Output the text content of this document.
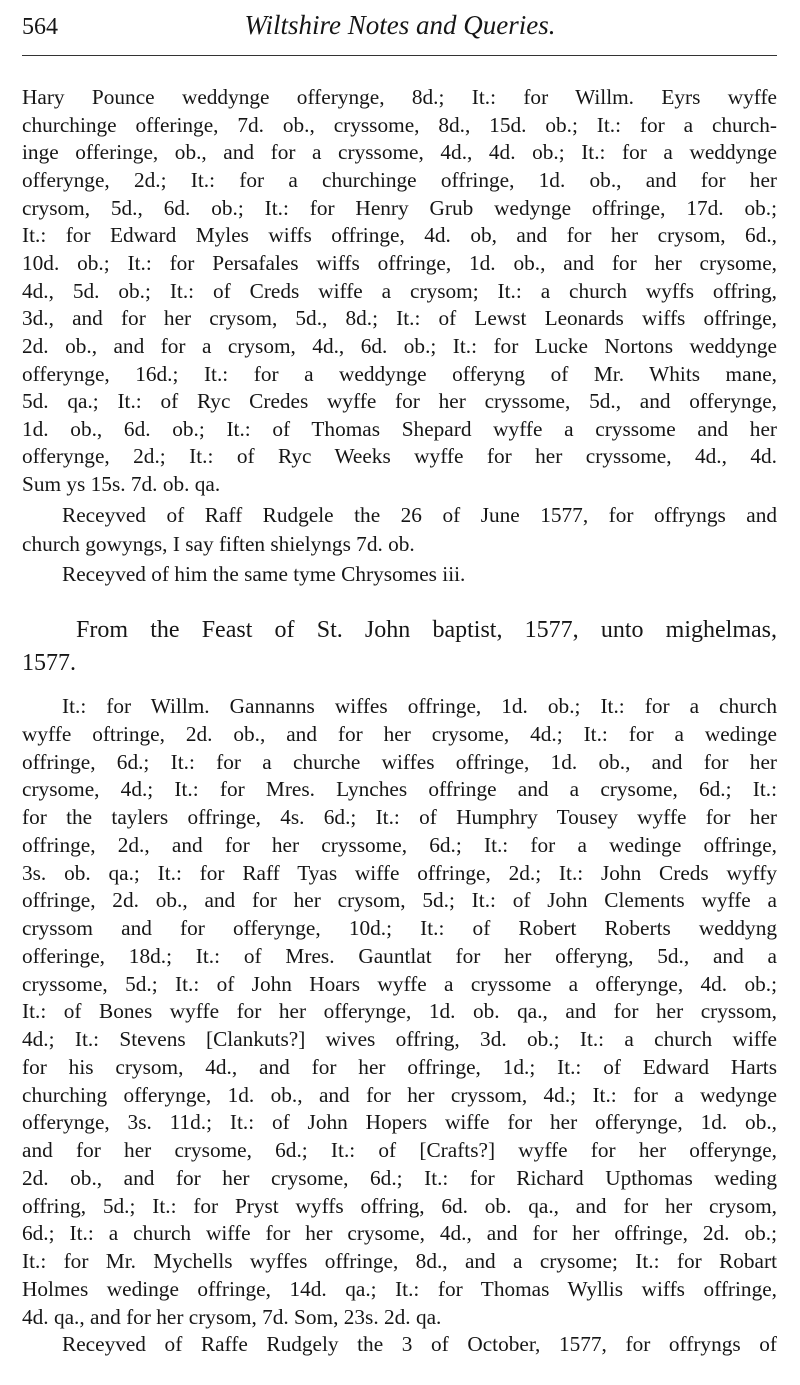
564	Wiltshire Notes and Queries.
Hary Pounce weddynge offerynge, 8d.; It.: for Willm. Eyrs wyffe
churchinge offeringe, 7d. ob., cryssome, 8d., 15d. ob.; It.: for a church-
inge offeringe, ob., and for a cryssome, 4d., 4d. ob.; It.: for a weddynge
offerynge, 2d.; It.: for a churchinge offringe, 1d. ob., and for her
crysom, 5d., 6d. ob.; It.: for Henry Grub wedynge offringe, 17d. ob.;
It.: for Edward Myles wiffs offringe, 4d. ob, and for her crysom, 6d.,
10d. ob.; It.: for Persafales wiffs offringe, 1d. ob., and for her crysome,
4d., 5d. ob.; It.: of Creds wiffe a crysom; It.: a church wyffs offring,
3d., and for her crysom, 5d., 8d.; It.: of Lewst Leonards wiffs offringe,
2d. ob., and for a crysom, 4d., 6d. ob.; It.: for Lucke Nortons weddynge
offerynge, 16d.; It.: for a weddynge offeryng of Mr. Whits mane,
5d. qa.; It.: of Ryc Credes wyffe for her cryssome, 5d., and offerynge,
1d. ob., 6d. ob.; It.: of Thomas Shepard wyffe a cryssome and her
offerynge, 2d.; It.: of Ryc Weeks wyffe for her cryssome, 4d., 4d.
Sum ys 15s. 7d. ob. qa.
Receyved of Raff Rudgele the 26 of June 1577, for offryngs and
church gowyngs, I say fiften shielyngs 7d. ob.
Receyved of him the same tyme Chrysomes iii.
It.: for Willm. Gannanns wiffes offringe, 1d. ob.; It.: for a church
wyffe oftringe, 2d. ob., and for her crysome, 4d.; It.: for a wedinge
offringe, 6d.; It.: for a churche wiffes offringe, 1d. ob., and for her
crysome, 4d.; It.: for Mres. Lynches offringe and a crysome, 6d.; It.:
for the taylers offringe, 4s. 6d.; It.: of Humphry Tousey wyffe for her
offringe, 2d., and for her cryssome, 6d.; It.: for a wedinge offringe,
3s. ob. qa.; It.: for Raff Tyas wiffe offringe, 2d.; It.: John Creds wyffy
offringe, 2d. ob., and for her crysom, 5d.; It.: of John Clements wyffe a
cryssom and for offerynge, 10d.; It.: of Robert Roberts weddyng
offeringe, 18d.; It.: of Mres. Gauntlat for her offeryng, 5d., and a
cryssome, 5d.; It.: of John Hoars wyffe a cryssome a offerynge, 4d. ob.;
It.: of Bones wyffe for her offerynge, 1d. ob. qa., and for her cryssom,
4d.; It.: Stevens [Clankuts?] wives offring, 3d. ob.; It.: a church wiffe
for his crysom, 4d., and for her offringe, 1d.; It.: of Edward Harts
churching offerynge, 1d. ob., and for her cryssom, 4d.; It.: for a wedynge
offerynge, 3s. 11d.; It.: of John Hopers wiffe for her offerynge, 1d. ob.,
and for her crysome, 6d.; It.: of [Crafts?] wyffe for her offerynge,
2d. ob., and for her crysome, 6d.; It.: for Richard Upthomas weding
offring, 5d.; It.: for Pryst wyffs offring, 6d. ob. qa., and for her crysom,
6d.; It.: a church wiffe for her crysome, 4d., and for her offringe, 2d. ob.;
It.: for Mr. Mychells wyffes offringe, 8d., and a crysome; It.: for Robart
Holmes wedinge offringe, 14d. qa.; It.: for Thomas Wyllis wiffs offringe,
4d. qa., and for her crysom, 7d. Som, 23s. 2d. qa.
Receyved of Raffe Rudgely the 3 of October, 1577, for offryngs of
From the Feast of St. John baptist, 1577, unto mighelmas,
1577.
